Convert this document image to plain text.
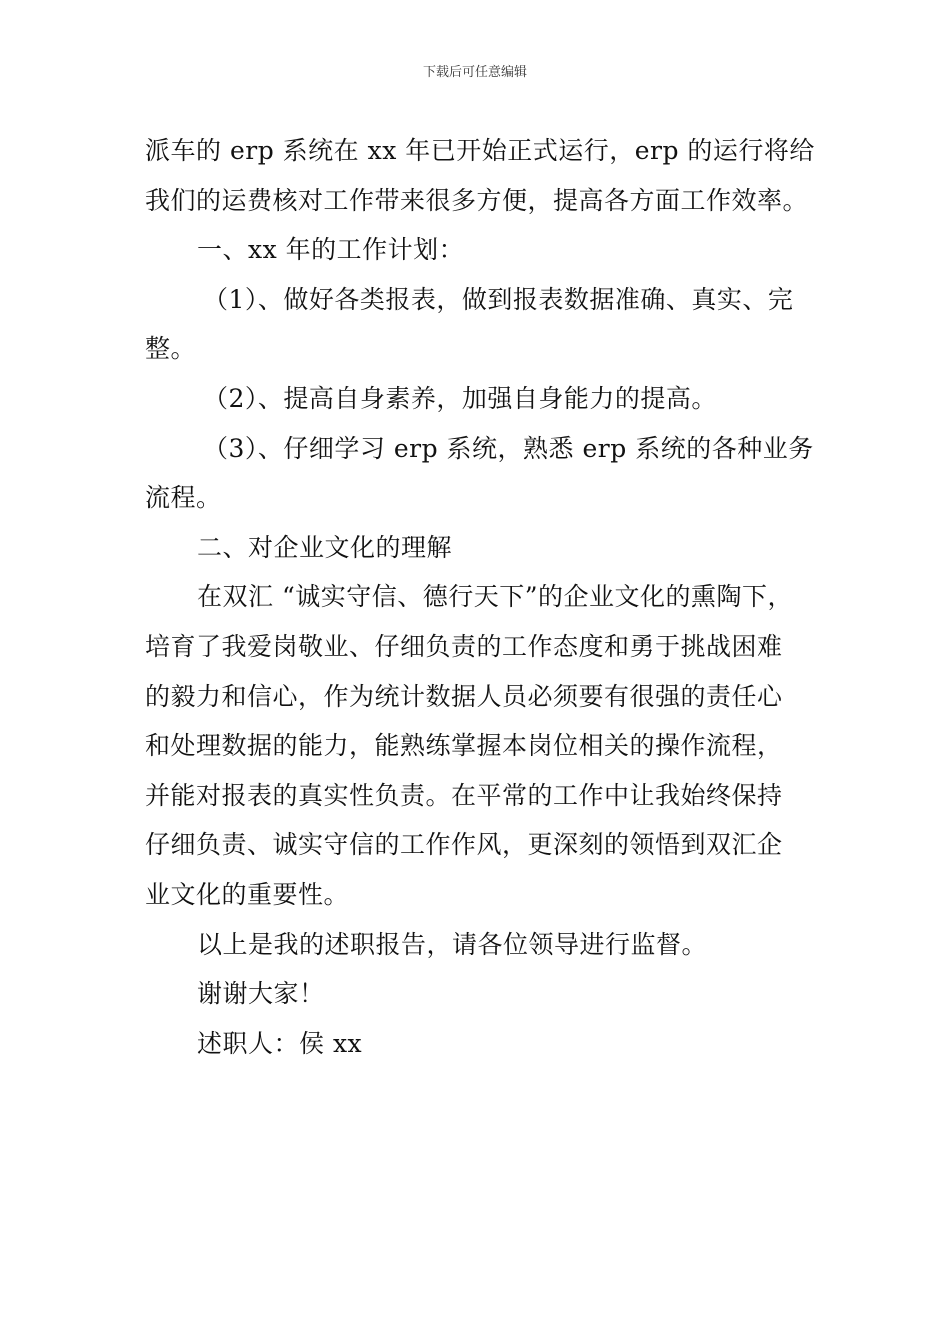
下载后可任意编辑
派车的 erp 系统在 xx 年已开始正式运行，erp 的运行将给
我们的运费核对工作带来很多方便，提高各方面工作效率。
一、xx 年的工作计划：
（1）、做好各类报表，做到报表数据准确、真实、完
整。
（2）、提高自身素养，加强自身能力的提高。
（3）、仔细学习 erp 系统，熟悉 erp 系统的各种业务
流程。
二、对企业文化的理解
在双汇 “诚实守信、德行天下”的企业文化的熏陶下，
培育了我爱岗敬业、仔细负责的工作态度和勇于挑战困难
的毅力和信心，作为统计数据人员必须要有很强的责任心
和处理数据的能力，能熟练掌握本岗位相关的操作流程，
并能对报表的真实性负责。在平常的工作中让我始终保持
仔细负责、诚实守信的工作作风，更深刻的领悟到双汇企
业文化的重要性。
以上是我的述职报告，请各位领导进行监督。
谢谢大家！
述职人：侯 xx
